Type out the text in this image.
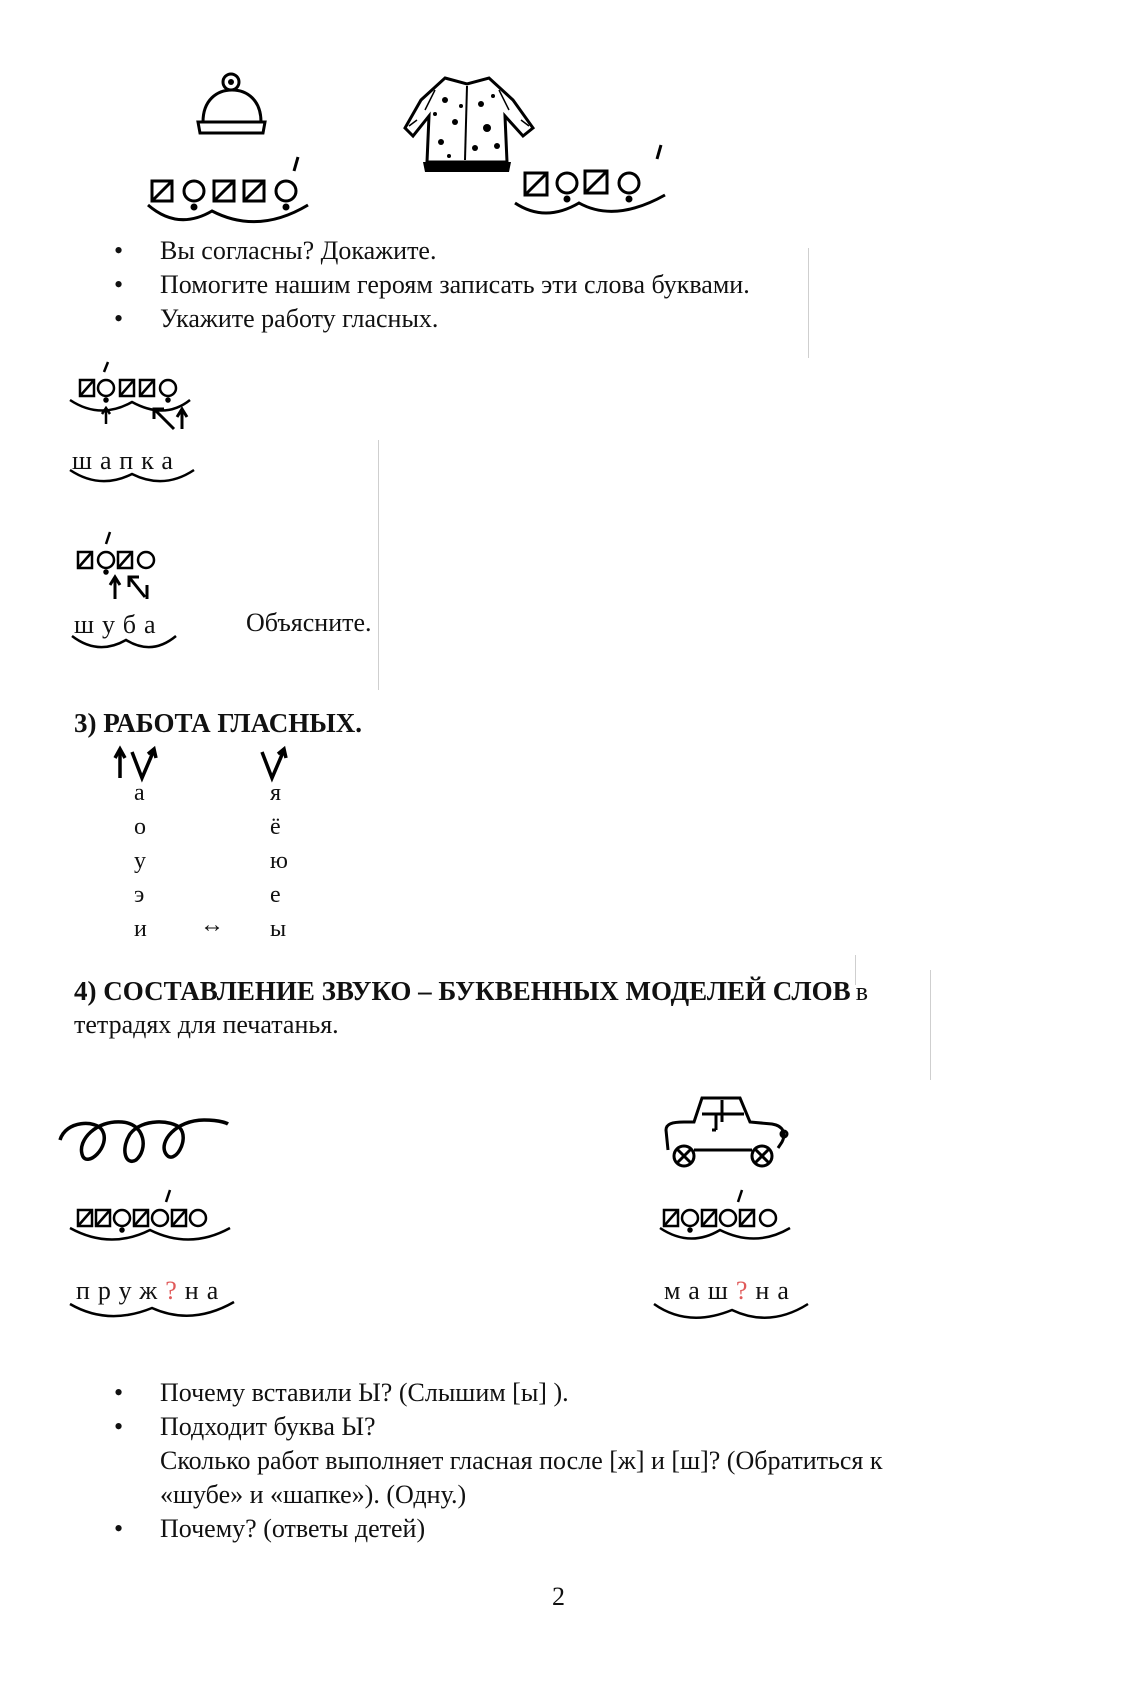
• Вы согласны? Докажите.
• Помогите нашим героям записать эти слова буквами.
• Укажите работу гласных.
шапка
шуба	Объясните.
3) РАБОТА ГЛАСНЫХ.
а
о
у
э
и ↔
я
ё
ю
е
ы
4) СОСТАВЛЕНИЕ ЗВУКО – БУКВЕННЫХ МОДЕЛЕЙ СЛОВ в
тетрадях для печатанья.
пруж?на	маш?на
• Почему вставили Ы? (Слышим [ы] ).
• Подходит буква Ы?
Сколько работ выполняет гласная после [ж] и [ш]? (Обратиться к
«шубе» и «шапке»). (Одну.)
• Почему? (ответы детей)
2
